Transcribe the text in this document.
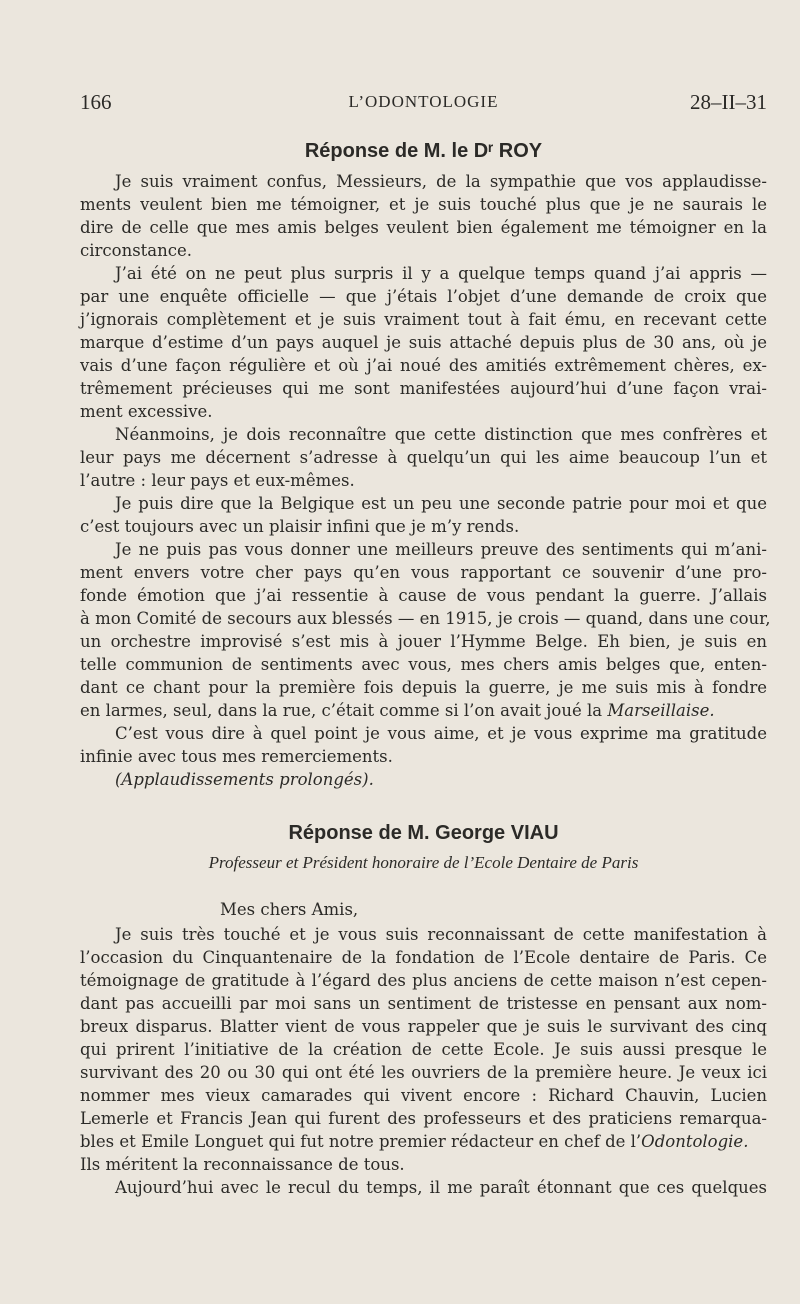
166	L’ODONTOLOGIE	28–II–31
Réponse de M. le Dʳ ROY
Je suis vraiment confus, Messieurs, de la sympathie que vos applaudisse-
ments veulent bien me témoigner, et je suis touché plus que je ne saurais le
dire de celle que mes amis belges veulent bien également me témoigner en la
circonstance.
J’ai été on ne peut plus surpris il y a quelque temps quand j’ai appris —
par une enquête officielle — que j’étais l’objet d’une demande de croix que
j’ignorais complètement et je suis vraiment tout à fait ému, en recevant cette
marque d’estime d’un pays auquel je suis attaché depuis plus de 30 ans, où je
vais d’une façon régulière et où j’ai noué des amitiés extrêmement chères, ex-
trêmement précieuses qui me sont manifestées aujourd’hui d’une façon vrai-
ment excessive.
Néanmoins, je dois reconnaître que cette distinction que mes confrères et
leur pays me décernent s’adresse à quelqu’un qui les aime beaucoup l’un et
l’autre : leur pays et eux-mêmes.
Je puis dire que la Belgique est un peu une seconde patrie pour moi et que
c’est toujours avec un plaisir infini que je m’y rends.
Je ne puis pas vous donner une meilleurs preuve des sentiments qui m’ani-
ment envers votre cher pays qu’en vous rapportant ce souvenir d’une pro-
fonde émotion que j’ai ressentie à cause de vous pendant la guerre. J’allais
à mon Comité de secours aux blessés — en 1915, je crois — quand, dans une cour,
un orchestre improvisé s’est mis à jouer l’Hymme Belge. Eh bien, je suis en
telle communion de sentiments avec vous, mes chers amis belges que, enten-
dant ce chant pour la première fois depuis la guerre, je me suis mis à fondre
en larmes, seul, dans la rue, c’était comme si l’on avait joué la Marseillaise.
C’est vous dire à quel point je vous aime, et je vous exprime ma gratitude
infinie avec tous mes remerciements.
(Applaudissements prolongés).
Réponse de M. George VIAU
Professeur et Président honoraire de l’Ecole Dentaire de Paris
Mes chers Amis,
Je suis très touché et je vous suis reconnaissant de cette manifestation à
l’occasion du Cinquantenaire de la fondation de l’Ecole dentaire de Paris. Ce
témoignage de gratitude à l’égard des plus anciens de cette maison n’est cepen-
dant pas accueilli par moi sans un sentiment de tristesse en pensant aux nom-
breux disparus. Blatter vient de vous rappeler que je suis le survivant des cinq
qui prirent l’initiative de la création de cette Ecole. Je suis aussi presque le
survivant des 20 ou 30 qui ont été les ouvriers de la première heure. Je veux ici
nommer mes vieux camarades qui vivent encore : Richard Chauvin, Lucien
Lemerle et Francis Jean qui furent des professeurs et des praticiens remarqua-
bles et Emile Longuet qui fut notre premier rédacteur en chef de l’Odontologie.
Ils méritent la reconnaissance de tous.
Aujourd’hui avec le recul du temps, il me paraît étonnant que ces quelques
